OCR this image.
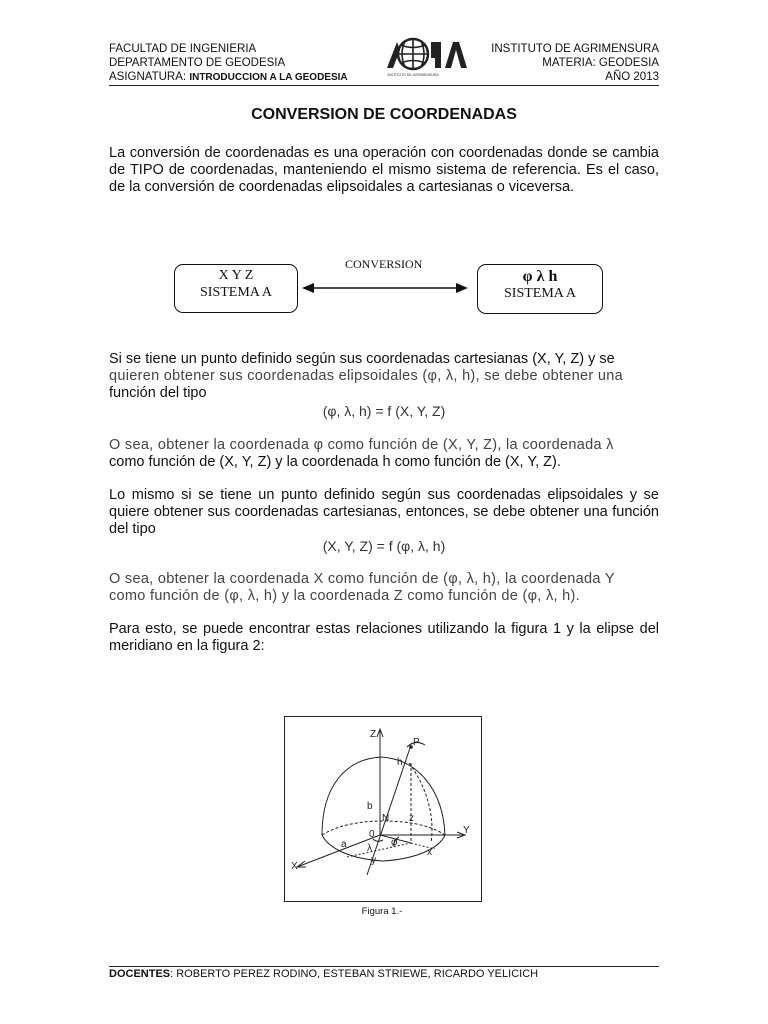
FACULTAD DE INGENIERIA
DEPARTAMENTO DE GEODESIA
ASIGNATURA: INTRODUCCION A LA GEODESIA	INSTITUTO DE AGRIMENSURA
INSTITUTO DE AGRIMENSURA
MATERIA: GEODESIA
AÑO 2013
CONVERSION DE COORDENADAS
La conversión de coordenadas es una operación con coordenadas donde se cambia de TIPO de coordenadas, manteniendo el mismo sistema de referencia. Es el caso, de la conversión de coordenadas elipsoidales a cartesianas o viceversa.
CONVERSION
X Y Z
SISTEMA A
φ λ h
SISTEMA A
Si se tiene un punto definido según sus coordenadas cartesianas (X, Y, Z) y se
quieren obtener sus coordenadas elipsoidales (φ, λ, h), se debe obtener una
función del tipo
(φ, λ, h) = f (X, Y, Z)
O sea, obtener la coordenada φ como función de (X, Y, Z), la coordenada λ
como función de (X, Y, Z) y la coordenada h como función de (X, Y, Z).
Lo mismo si se tiene un punto definido según sus coordenadas elipsoidales y se quiere obtener sus coordenadas cartesianas, entonces, se debe obtener una función del tipo
(X, Y, Z) = f (φ, λ, h)
O sea, obtener la coordenada X como función de (φ, λ, h), la coordenada Y
como función de (φ, λ, h) y la coordenada Z como función de (φ, λ, h).
Para esto, se puede encontrar estas relaciones utilizando la figura 1 y la elipse del meridiano en la figura 2:
Z
P
h
b
N z
0	Y
X
a λ
φ
y
x
Figura 1.-
DOCENTES: ROBERTO PEREZ RODINO, ESTEBAN STRIEWE, RICARDO YELICICH
